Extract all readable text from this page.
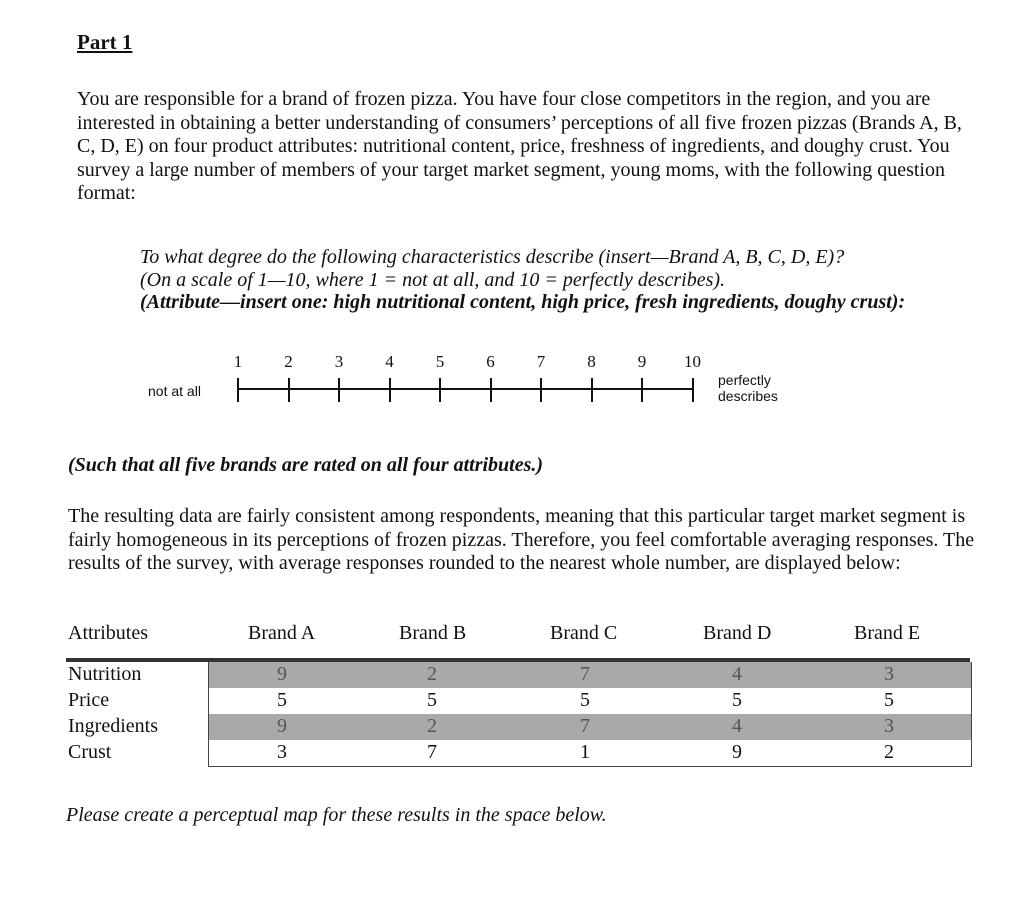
Part 1

You are responsible for a brand of frozen pizza. You have four close competitors in the region, and you are interested in obtaining a better understanding of consumers’ perceptions of all five frozen pizzas (Brands A, B, C, D, E) on four product attributes: nutritional content, price, freshness of ingredients, and doughy crust. You survey a large number of members of your target market segment, young moms, with the following question format:

To what degree do the following characteristics describe (insert—Brand A, B, C, D, E)?
(On a scale of 1—10, where 1 = not at all, and 10 = perfectly describes).
(Attribute—insert one: high nutritional content, high price, fresh ingredients, doughy crust):
not at all
1	2	3	4	5	6	7	8	9	10
perfectly
describes
(Such that all five brands are rated on all four attributes.)

The resulting data are fairly consistent among respondents, meaning that this particular target market segment is fairly homogeneous in its perceptions of frozen pizzas. Therefore, you feel comfortable averaging responses. The results of the survey, with average responses rounded to the nearest whole number, are displayed below:

Attributes	Brand A	Brand B	Brand C	Brand D	Brand E
Nutrition	9	2	7	4	3
Price	5	5	5	5	5
Ingredients	9	2	7	4	3
Crust	3	7	1	9	2
Please create a perceptual map for these results in the space below.
